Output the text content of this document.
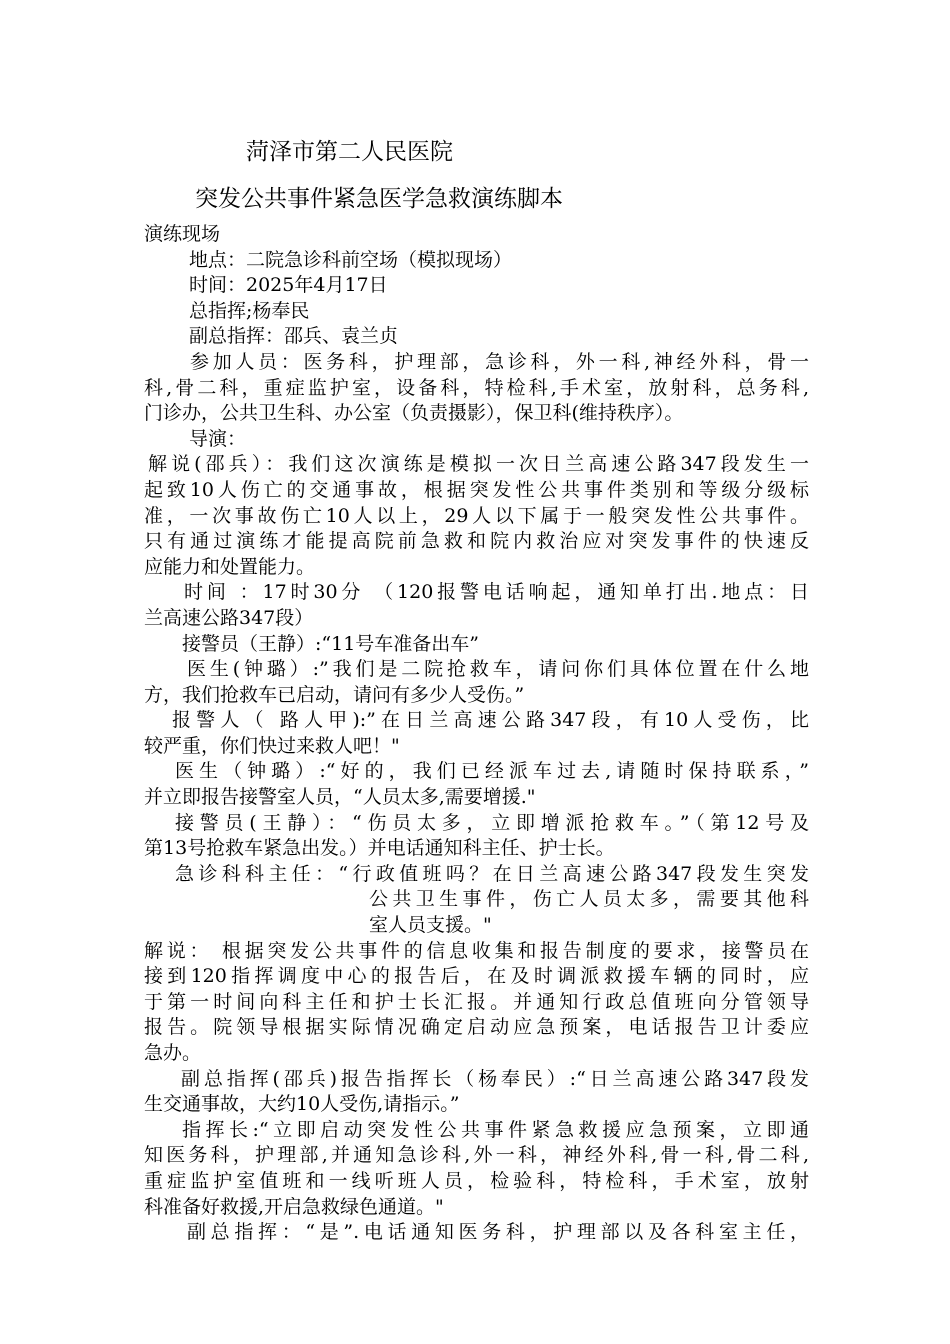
菏泽市第二人民医院
突发公共事件紧急医学急救演练脚本
演练现场
地点：二院急诊科前空场（模拟现场）
时间：2025年4月17日
总指挥;杨奉民
副总指挥：邵兵、袁兰贞
参加人员：医务科，护理部，急诊科，外一科,神经外科，骨一
科,骨二科，重症监护室，设备科，特检科,手术室，放射科，总务科,
门诊办，公共卫生科、办公室（负责摄影），保卫科(维持秩序）。
导演：
解说(邵兵）：我们这次演练是模拟一次日兰高速公路347段发生一
起致10人伤亡的交通事故，根据突发性公共事件类别和等级分级标
准，一次事故伤亡10人以上，29人以下属于一般突发性公共事件。
只有通过演练才能提高院前急救和院内救治应对突发事件的快速反
应能力和处置能力。
时间 ：17时30分 （120报警电话响起，通知单打出.地点：日
兰高速公路347段）
接警员（王静）:“11号车准备出车”
医生(钟璐）:”我们是二院抢救车，请问你们具体位置在什么地
方，我们抢救车已启动，请问有多少人受伤。”
报警人（ 路人甲):”在日兰高速公路347段，有10人受伤，比
较严重，你们快过来救人吧！"
医生（钟璐）:“好的，我们已经派车过去,请随时保持联系，”
并立即报告接警室人员，“人员太多,需要增援."
接警员(王静）：“伤员太多，立即增派抢救车。”（第12号及
第13号抢救车紧急出发。）并电话通知科主任、护士长。
急诊科科主任：“行政值班吗？在日兰高速公路347段发生突发
公共卫生事件，伤亡人员太多，需要其他科
室人员支援。"
解说： 根据突发公共事件的信息收集和报告制度的要求，接警员在
接到120指挥调度中心的报告后，在及时调派救援车辆的同时，应
于第一时间向科主任和护士长汇报。并通知行政总值班向分管领导
报告。院领导根据实际情况确定启动应急预案，电话报告卫计委应
急办。
副总指挥(邵兵)报告指挥长（杨奉民）:“日兰高速公路347段发
生交通事故，大约10人受伤,请指示。”
指挥长:“立即启动突发性公共事件紧急救援应急预案，立即通
知医务科，护理部,并通知急诊科,外一科，神经外科,骨一科,骨二科,
重症监护室值班和一线听班人员，检验科，特检科，手术室，放射
科准备好救援,开启急救绿色通道。"
副总指挥：“是”.电话通知医务科，护理部以及各科室主任，
